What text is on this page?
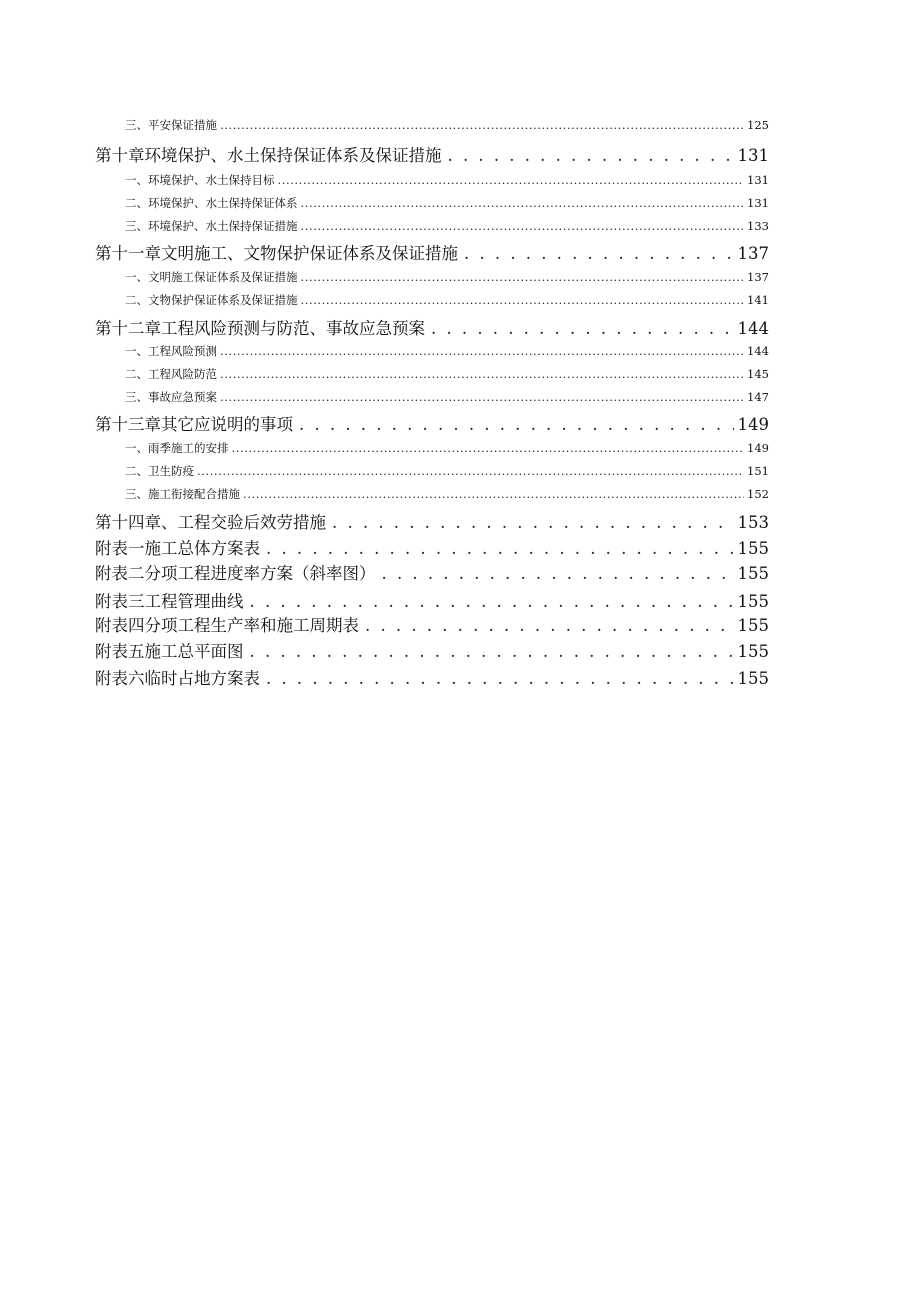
三、平安保证措施 .....	125
第十章环境保护、水土保持保证体系及保证措施 . . .	131
一、环境保护、水土保持目标 .....	131
二、环境保护、水土保持保证体系 .....	131
三、环境保护、水土保持保证措施 .....	133
第十一章文明施工、文物保护保证体系及保证措施 . . .	137
一、文明施工保证体系及保证措施 .....	137
二、文物保护保证体系及保证措施 .....	141
第十二章工程风险预测与防范、事故应急预案 . . .	144
一、工程风险预测 .....	144
二、工程风险防范 .....	145
三、事故应急预案 .....	147
第十三章其它应说明的事项 . . .	149
一、雨季施工的安排 .....	149
二、卫生防疫 .....	151
三、施工衔接配合措施 .....	152
第十四章、工程交验后效劳措施 . . .	153
附表一施工总体方案表 . . .	155
附表二分项工程进度率方案（斜率图） . . .	155
附表三工程管理曲线 . . .	155
附表四分项工程生产率和施工周期表 . . .	155
附表五施工总平面图 . . .	155
附表六临时占地方案表 . . .	155
